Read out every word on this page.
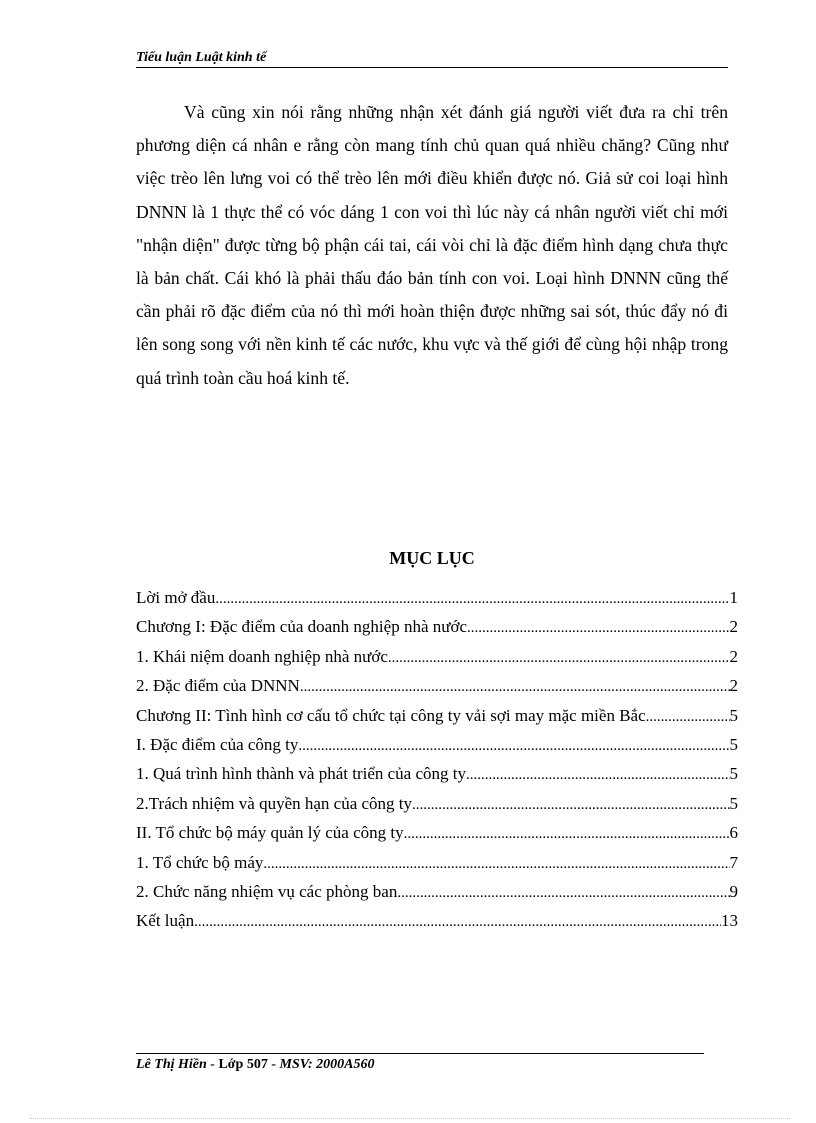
Tiểu luận Luật kinh tế

Và cũng xin nói rằng những nhận xét đánh giá người viết đưa ra chỉ trên phương diện cá nhân e rằng còn mang tính chủ quan quá nhiều chăng? Cũng như việc trèo lên lưng voi có thể trèo lên mới điều khiển được nó. Giả sử coi loại hình DNNN là 1 thực thể có vóc dáng 1 con voi thì lúc này cá nhân người viết chỉ mới "nhận diện" được từng bộ phận cái tai, cái vòi chỉ là đặc điểm hình dạng chưa thực là bản chất. Cái khó là phải thấu đáo bản tính con voi. Loại hình DNNN cũng thế cần phải rõ đặc điểm của nó thì mới hoàn thiện được những sai sót, thúc đẩy nó đi lên song song với nền kinh tế các nước, khu vực và thế giới để cùng hội nhập trong quá trình toàn cầu hoá kinh tế.

MỤC LỤC
Lời mở đầu .....	1
Chương I: Đặc điểm của doanh nghiệp nhà nước .....	2
1. Khái niệm doanh nghiệp nhà nước .....	2
2. Đặc điểm của DNNN .....	2
Chương II: Tình hình cơ cấu tổ chức tại công ty vải sợi may mặc miền Bắc .....	5
I. Đặc điểm của công ty .....	5
1. Quá trình hình thành và phát triển của công ty .....	5
2.Trách nhiệm và quyền hạn của công ty .....	5
II. Tổ chức bộ máy quản lý của công ty .....	6
1. Tổ chức bộ máy .....	7
2. Chức năng nhiệm vụ các phòng ban .....	9
Kết luận .....	13
Lê Thị Hiền - Lớp 507 - MSV: 2000A560
